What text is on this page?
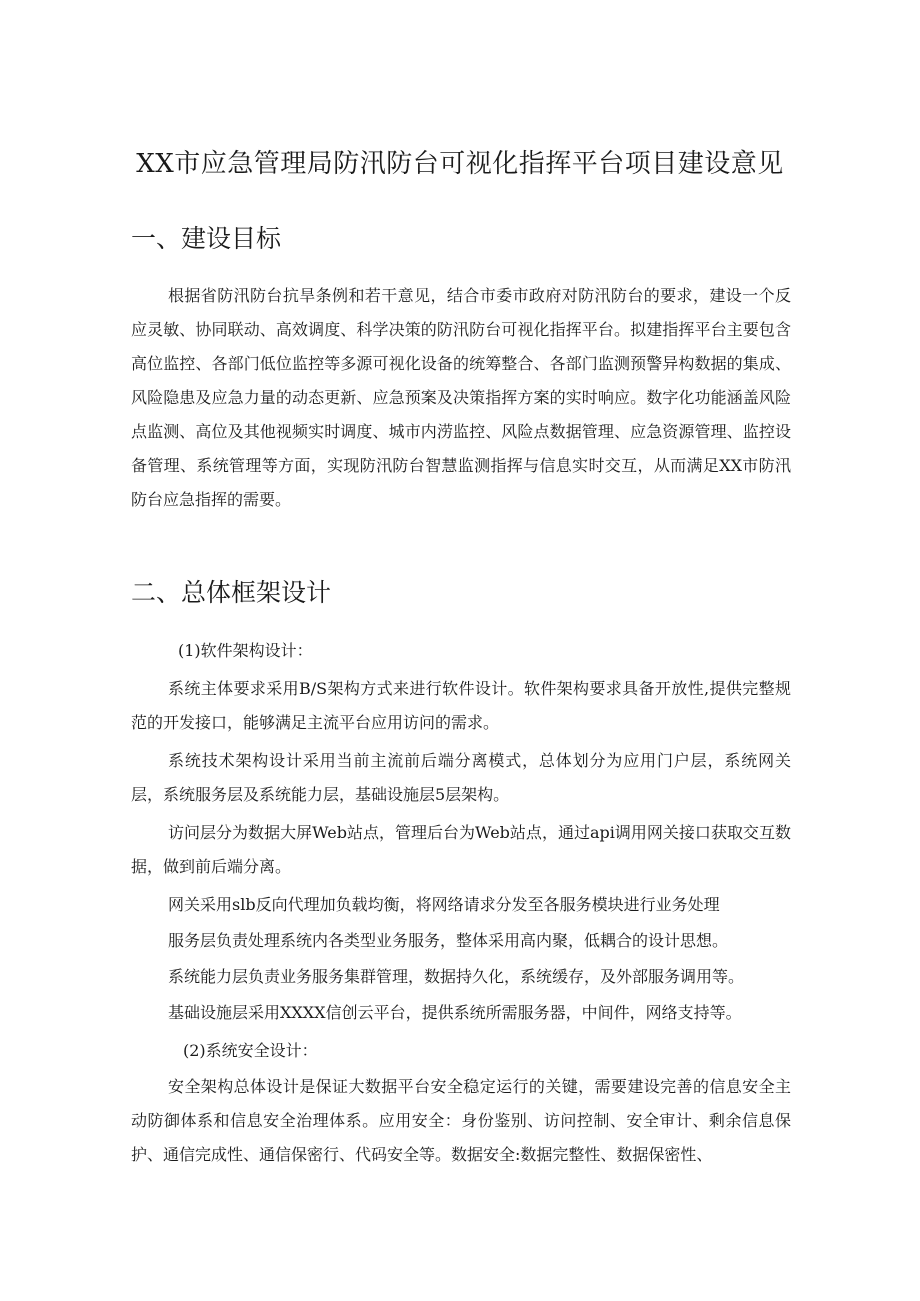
XX市应急管理局防汛防台可视化指挥平台项目建设意见
一、建设目标

根据省防汛防台抗旱条例和若干意见，结合市委市政府对防汛防台的要求，建设一个反应灵敏、协同联动、高效调度、科学决策的防汛防台可视化指挥平台。拟建指挥平台主要包含高位监控、各部门低位监控等多源可视化设备的统筹整合、各部门监测预警异构数据的集成、风险隐患及应急力量的动态更新、应急预案及决策指挥方案的实时响应。数字化功能涵盖风险点监测、高位及其他视频实时调度、城市内涝监控、风险点数据管理、应急资源管理、监控设备管理、系统管理等方面，实现防汛防台智慧监测指挥与信息实时交互，从而满足XX市防汛防台应急指挥的需要。

二、总体框架设计

(1)软件架构设计：

系统主体要求采用B/S架构方式来进行软件设计。软件架构要求具备开放性,提供完整规范的开发接口，能够满足主流平台应用访问的需求。

系统技术架构设计采用当前主流前后端分离模式，总体划分为应用门户层，系统网关层，系统服务层及系统能力层，基础设施层5层架构。

访问层分为数据大屏Web站点，管理后台为Web站点，通过api调用网关接口获取交互数据，做到前后端分离。

网关采用slb反向代理加负载均衡，将网络请求分发至各服务模块进行业务处理

服务层负责处理系统内各类型业务服务，整体采用高内聚，低耦合的设计思想。

系统能力层负责业务服务集群管理，数据持久化，系统缓存，及外部服务调用等。

基础设施层采用XXXX信创云平台，提供系统所需服务器，中间件，网络支持等。

(2)系统安全设计：

安全架构总体设计是保证大数据平台安全稳定运行的关键，需要建设完善的信息安全主动防御体系和信息安全治理体系。应用安全：身份鉴别、访问控制、安全审计、剩余信息保护、通信完成性、通信保密行、代码安全等。数据安全:数据完整性、数据保密性、
